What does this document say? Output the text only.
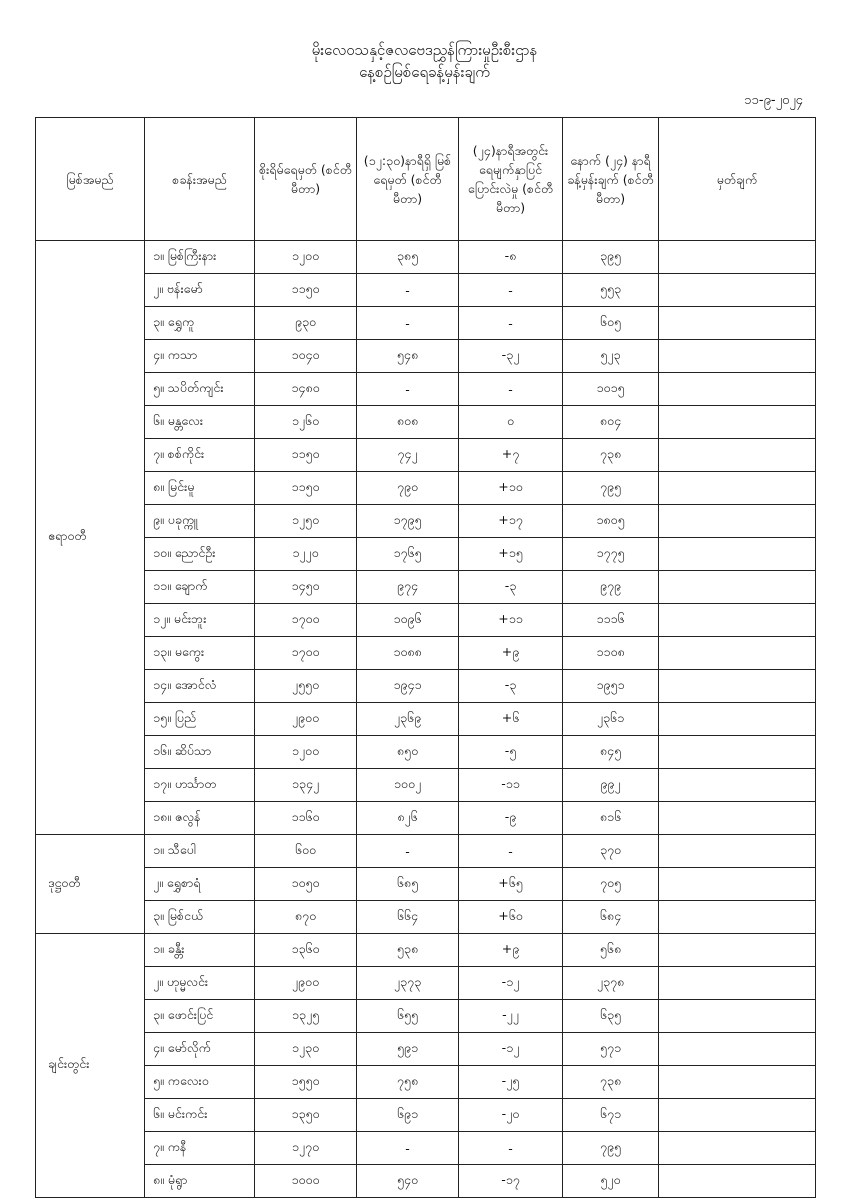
မိုးလေဝသနှင့်ဇလဗေဒညွှန်ကြားမှုဦးစီးဌာန
နေ့စဉ်မြစ်ရေခန့်မှန်းချက်
၁၁-၉-၂၀၂၄
မြစ်အမည်	စခန်းအမည်	စိုးရိမ်ရေမှတ် (စင်တီမီတာ)	(၁၂:၃၀)နာရီရှိ မြစ်ရေမှတ် (စင်တီမီတာ)	(၂၄)နာရီအတွင်း ရေမျက်နှာပြင် ပြောင်းလဲမှု (စင်တီမီတာ)	နောက် (၂၄) နာရီ ခန့်မှန်းချက် (စင်တီမီတာ)	မှတ်ချက်
ဧရာဝတီ	၁။ မြစ်ကြီးနား	၁၂၀၀	၃၈၅	-၈	၃၉၅	
	၂။ ဗန်းမော်	၁၁၅၀	-	-	၅၅၃	
	၃။ ရွှေကူ	၉၃၀	-	-	၆၀၅	
	၄။ ကသာ	၁၀၄၀	၅၄၈	-၃၂	၅၂၃	
	၅။ သပိတ်ကျင်း	၁၄၈၀	-	-	၁၀၁၅	
	၆။ မန္တလေး	၁၂၆၀	၈၀၈	၀	၈၀၄	
	၇။ စစ်ကိုင်း	၁၁၅၀	၇၄၂	+၇	၇၃၈	
	၈။ မြင်းမူ	၁၁၅၀	၇၉၀	+၁၀	၇၉၅	
	၉။ ပခုက္ကူ	၁၂၅၀	၁၇၉၅	+၁၇	၁၈၀၅	
	၁၀။ ညောင်ဦး	၁၂၂၀	၁၇၆၅	+၁၅	၁၇၇၅	
	၁၁။ ချောက်	၁၄၅၀	၉၇၄	-၃	၉၇၉	
	၁၂။ မင်းဘူး	၁၇၀၀	၁၀၉၆	+၁၁	၁၁၁၆	
	၁၃။ မကွေး	၁၇၀၀	၁၀၈၈	+၉	၁၁၀၈	
	၁၄။ အောင်လံ	၂၅၅၀	၁၉၄၁	-၃	၁၉၅၁	
	၁၅။ ပြည်	၂၉၀၀	၂၃၆၉	+၆	၂၃၆၁	
	၁၆။ ဆိပ်သာ	၁၂၀၀	၈၅၀	-၅	၈၄၅	
	၁၇။ ဟင်္သာတ	၁၃၄၂	၁၀၀၂	-၁၁	၉၉၂	
	၁၈။ ဇလွန်	၁၁၆၀	၈၂၆	-၉	၈၁၆	
ဒုဋ္ဌဝတီ	၁။ သီပေါ	၆၀၀	-	-	၃၇၀	
	၂။ ရွှေစာရံ	၁၀၅၀	၆၈၅	+၆၅	၇၀၅	
	၃။ မြစ်ငယ်	၈၇၀	၆၆၄	+၆၀	၆၈၄	
ချင်းတွင်း	၁။ ခန္တီး	၁၃၆၀	၅၃၈	+၉	၅၆၈	
	၂။ ဟုမ္မလင်း	၂၉၀၀	၂၃၇၃	-၁၂	၂၃၇၈	
	၃။ ဖောင်းပြင်	၁၃၂၅	၆၅၅	-၂၂	၆၃၅	
	၄။ မော်လိုက်	၁၂၃၀	၅၉၁	-၁၂	၅၇၁	
	၅။ ကလေးဝ	၁၅၅၀	၇၅၈	-၂၅	၇၃၈	
	၆။ မင်းကင်း	၁၃၅၀	၆၉၁	-၂၀	၆၇၁	
	၇။ ကနီ	၁၂၇၀	-	-	၇၉၅	
	၈။ မုံရွာ	၁၀၀၀	၅၄၀	-၁၇	၅၂၀	
